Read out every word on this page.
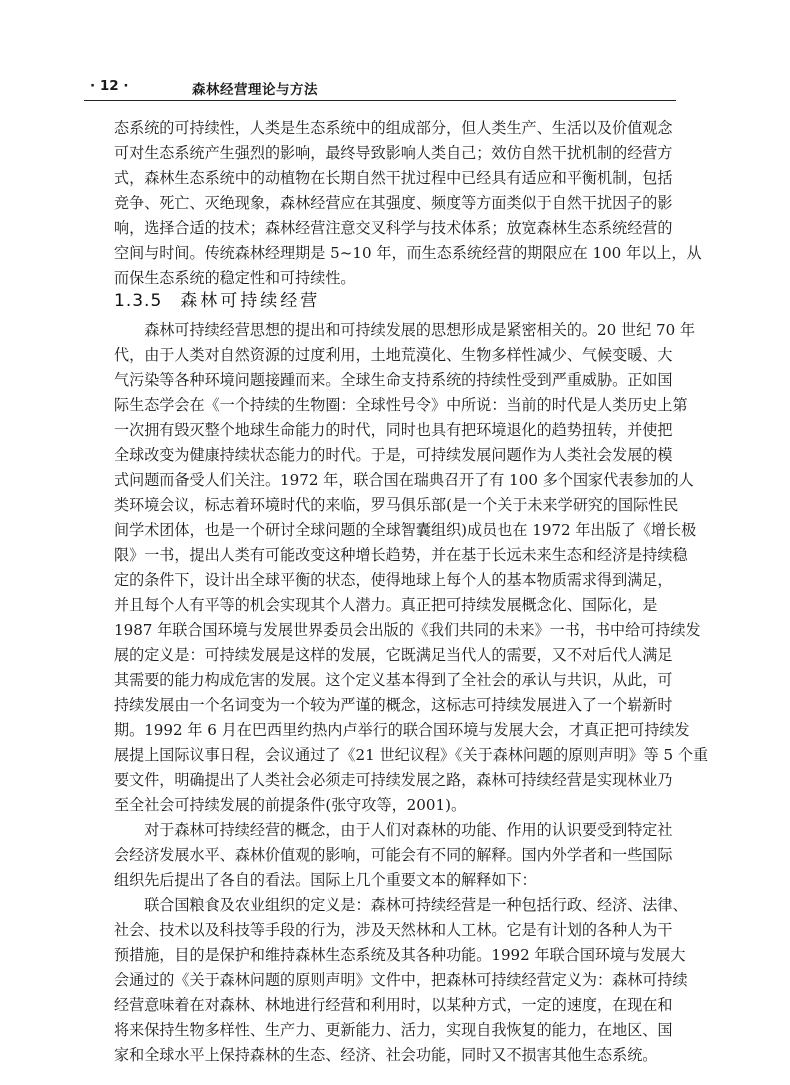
· 12 ·	森林经营理论与方法

态系统的可持续性，人类是生态系统中的组成部分，但人类生产、生活以及价值观念
可对生态系统产生强烈的影响，最终导致影响人类自己；效仿自然干扰机制的经营方
式，森林生态系统中的动植物在长期自然干扰过程中已经具有适应和平衡机制，包括
竞争、死亡、灭绝现象，森林经营应在其强度、频度等方面类似于自然干扰因子的影
响，选择合适的技术；森林经营注意交叉科学与技术体系；放宽森林生态系统经营的
空间与时间。传统森林经理期是 5~10 年，而生态系统经营的期限应在 100 年以上，从
而保生态系统的稳定性和可持续性。

1.3.5 森林可持续经营

　　森林可持续经营思想的提出和可持续发展的思想形成是紧密相关的。20 世纪 70 年
代，由于人类对自然资源的过度利用，土地荒漠化、生物多样性减少、气候变暖、大
气污染等各种环境问题接踵而来。全球生命支持系统的持续性受到严重威胁。正如国
际生态学会在《一个持续的生物圈：全球性号令》中所说：当前的时代是人类历史上第
一次拥有毁灭整个地球生命能力的时代，同时也具有把环境退化的趋势扭转，并使把
全球改变为健康持续状态能力的时代。于是，可持续发展问题作为人类社会发展的模
式问题而备受人们关注。1972 年，联合国在瑞典召开了有 100 多个国家代表参加的人
类环境会议，标志着环境时代的来临，罗马俱乐部(是一个关于未来学研究的国际性民
间学术团体，也是一个研讨全球问题的全球智囊组织)成员也在 1972 年出版了《增长极
限》一书，提出人类有可能改变这种增长趋势，并在基于长远未来生态和经济是持续稳
定的条件下，设计出全球平衡的状态，使得地球上每个人的基本物质需求得到满足，
并且每个人有平等的机会实现其个人潜力。真正把可持续发展概念化、国际化，是
1987 年联合国环境与发展世界委员会出版的《我们共同的未来》一书，书中给可持续发
展的定义是：可持续发展是这样的发展，它既满足当代人的需要，又不对后代人满足
其需要的能力构成危害的发展。这个定义基本得到了全社会的承认与共识，从此，可
持续发展由一个名词变为一个较为严谨的概念，这标志可持续发展进入了一个崭新时
期。1992 年 6 月在巴西里约热内卢举行的联合国环境与发展大会，才真正把可持续发
展提上国际议事日程，会议通过了《21 世纪议程》《关于森林问题的原则声明》等 5 个重
要文件，明确提出了人类社会必须走可持续发展之路，森林可持续经营是实现林业乃
至全社会可持续发展的前提条件(张守攻等，2001)。

　　对于森林可持续经营的概念，由于人们对森林的功能、作用的认识要受到特定社
会经济发展水平、森林价值观的影响，可能会有不同的解释。国内外学者和一些国际
组织先后提出了各自的看法。国际上几个重要文本的解释如下：

　　联合国粮食及农业组织的定义是：森林可持续经营是一种包括行政、经济、法律、
社会、技术以及科技等手段的行为，涉及天然林和人工林。它是有计划的各种人为干
预措施，目的是保护和维持森林生态系统及其各种功能。1992 年联合国环境与发展大
会通过的《关于森林问题的原则声明》文件中，把森林可持续经营定义为：森林可持续
经营意味着在对森林、林地进行经营和利用时，以某种方式，一定的速度，在现在和
将来保持生物多样性、生产力、更新能力、活力，实现自我恢复的能力，在地区、国
家和全球水平上保持森林的生态、经济、社会功能，同时又不损害其他生态系统。
